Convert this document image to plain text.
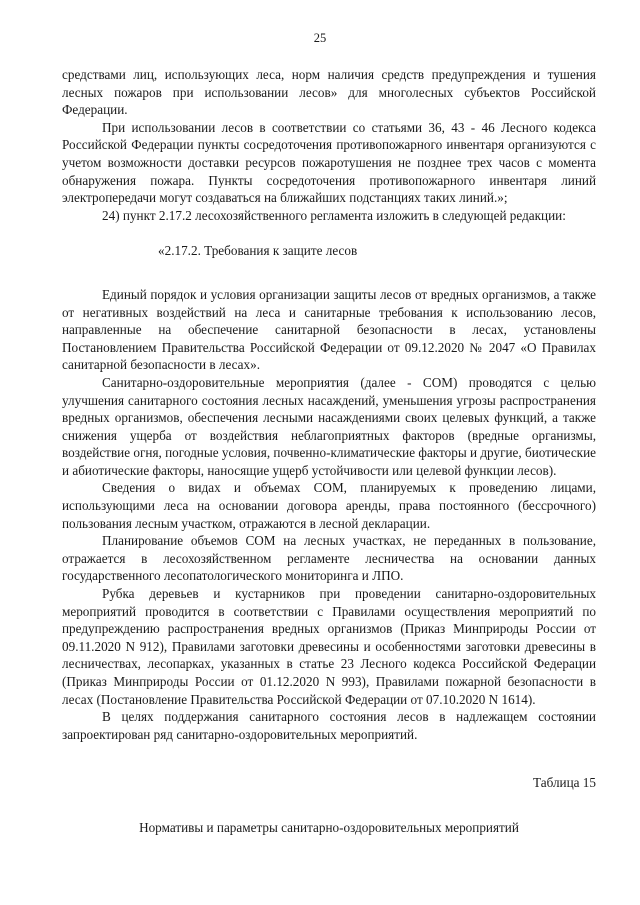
25

средствами лиц, использующих леса, норм наличия средств предупреждения и тушения лесных пожаров при использовании лесов» для многолесных субъектов Российской Федерации.

При использовании лесов в соответствии со статьями 36, 43 - 46 Лесного кодекса Российской Федерации пункты сосредоточения противопожарного инвентаря организуются с учетом возможности доставки ресурсов пожаротушения не позднее трех часов с момента обнаружения пожара. Пункты сосредоточения противопожарного инвентаря линий электропередачи могут создаваться на ближайших подстанциях таких линий.»;

24) пункт 2.17.2 лесохозяйственного регламента изложить в следующей редакции:

«2.17.2. Требования к защите лесов

Единый порядок и условия организации защиты лесов от вредных организмов, а также от негативных воздействий на леса и санитарные требования к использованию лесов, направленные на обеспечение санитарной безопасности в лесах, установлены Постановлением Правительства Российской Федерации от 09.12.2020 № 2047 «О Правилах санитарной безопасности в лесах».

Санитарно-оздоровительные мероприятия (далее - СОМ) проводятся с целью улучшения санитарного состояния лесных насаждений, уменьшения угрозы распространения вредных организмов, обеспечения лесными насаждениями своих целевых функций, а также снижения ущерба от воздействия неблагоприятных факторов (вредные организмы, воздействие огня, погодные условия, почвенно-климатические факторы и другие, биотические и абиотические факторы, наносящие ущерб устойчивости или целевой функции лесов).

Сведения о видах и объемах СОМ, планируемых к проведению лицами, использующими леса на основании договора аренды, права постоянного (бессрочного) пользования лесным участком, отражаются в лесной декларации.

Планирование объемов СОМ на лесных участках, не переданных в пользование, отражается в лесохозяйственном регламенте лесничества на основании данных государственного лесопатологического мониторинга и ЛПО.

Рубка деревьев и кустарников при проведении санитарно-оздоровительных мероприятий проводится в соответствии с Правилами осуществления мероприятий по предупреждению распространения вредных организмов (Приказ Минприроды России от 09.11.2020 N 912), Правилами заготовки древесины и особенностями заготовки древесины в лесничествах, лесопарках, указанных в статье 23 Лесного кодекса Российской Федерации (Приказ Минприроды России от 01.12.2020 N 993), Правилами пожарной безопасности в лесах (Постановление Правительства Российской Федерации от 07.10.2020 N 1614).

В целях поддержания санитарного состояния лесов в надлежащем состоянии запроектирован ряд санитарно-оздоровительных мероприятий.

Таблица 15

Нормативы и параметры санитарно-оздоровительных мероприятий
